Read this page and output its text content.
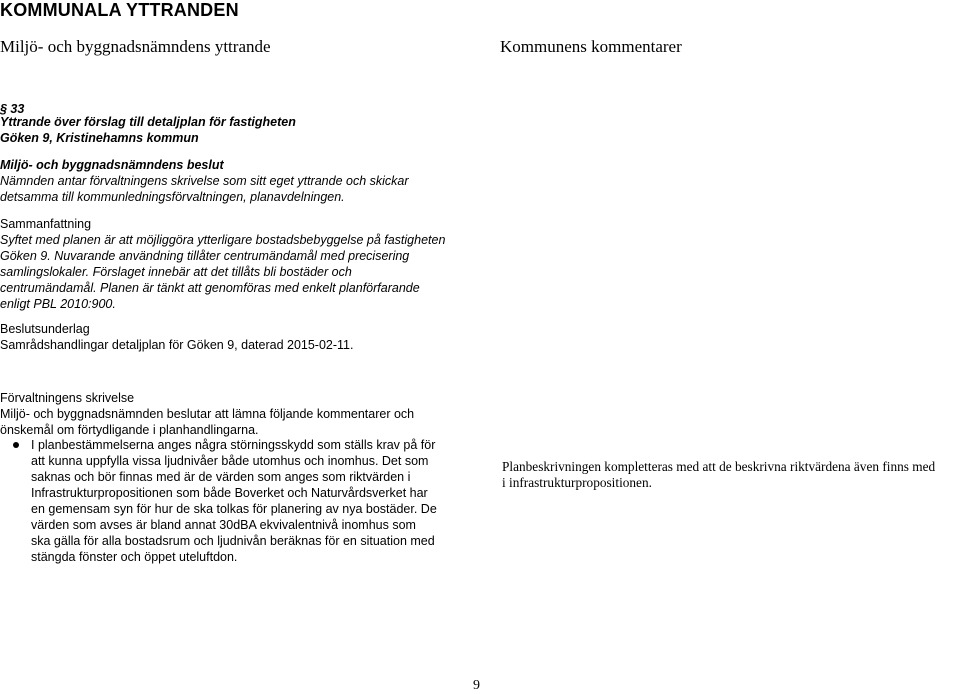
KOMMUNALA YTTRANDEN
Miljö- och byggnadsnämndens yttrande	Kommunens kommentarer
§ 33
Yttrande över förslag till detaljplan för fastigheten
Göken 9, Kristinehamns kommun
Miljö- och byggnadsnämndens beslut
Nämnden antar förvaltningens skrivelse som sitt eget yttrande och skickar
detsamma till kommunledningsförvaltningen, planavdelningen.
Sammanfattning
Syftet med planen är att möjliggöra ytterligare bostadsbebyggelse på fastigheten
Göken 9. Nuvarande användning tillåter centrumändamål med precisering
samlingslokaler. Förslaget innebär att det tillåts bli bostäder och
centrumändamål. Planen är tänkt att genomföras med enkelt planförfarande
enligt PBL 2010:900.
Beslutsunderlag
Samrådshandlingar detaljplan för Göken 9, daterad 2015-02-11.
Förvaltningens skrivelse
Miljö- och byggnadsnämnden beslutar att lämna följande kommentarer och
önskemål om förtydligande i planhandlingarna.
I planbestämmelserna anges några störningsskydd som ställs krav på för
att kunna uppfylla vissa ljudnivåer både utomhus och inomhus. Det som
saknas och bör finnas med är de värden som anges som riktvärden i
Infrastrukturpropositionen som både Boverket och Naturvårdsverket har
en gemensam syn för hur de ska tolkas för planering av nya bostäder. De
värden som avses är bland annat 30dBA ekvivalentnivå inomhus som
ska gälla för alla bostadsrum och ljudnivån beräknas för en situation med
stängda fönster och öppet uteluftdon.
Planbeskrivningen kompletteras med att de beskrivna riktvärdena även finns med
i infrastrukturpropositionen.
9
